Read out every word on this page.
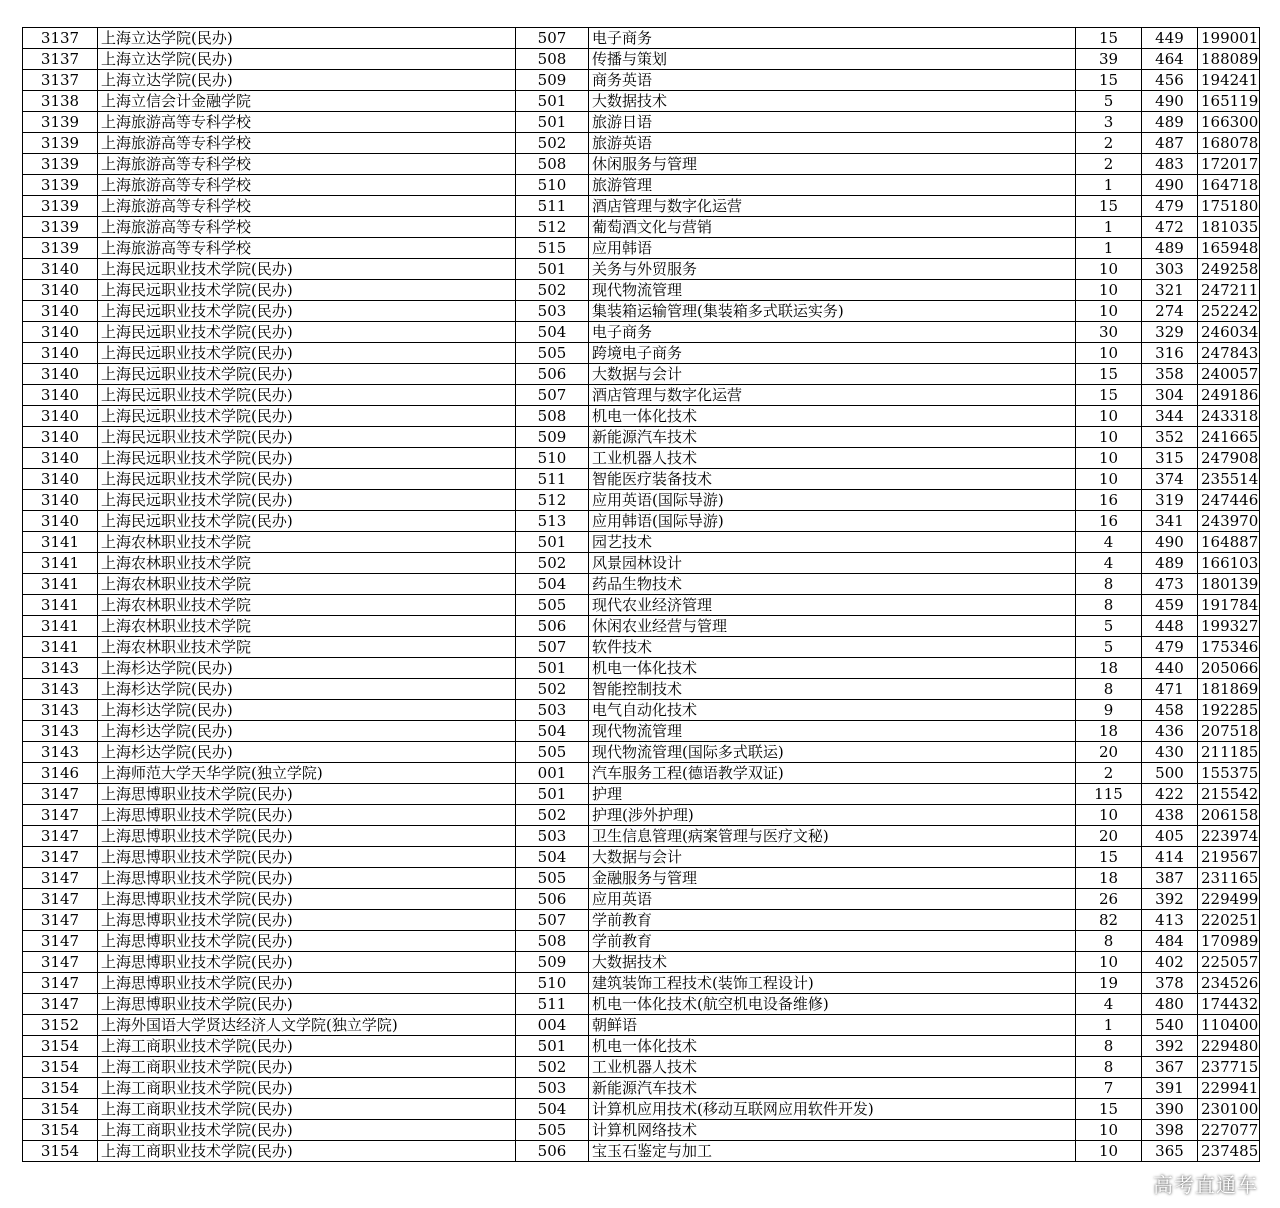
3137	上海立达学院(民办)	507	电子商务	15	449	199001
3137	上海立达学院(民办)	508	传播与策划	39	464	188089
3137	上海立达学院(民办)	509	商务英语	15	456	194241
3138	上海立信会计金融学院	501	大数据技术	5	490	165119
3139	上海旅游高等专科学校	501	旅游日语	3	489	166300
3139	上海旅游高等专科学校	502	旅游英语	2	487	168078
3139	上海旅游高等专科学校	508	休闲服务与管理	2	483	172017
3139	上海旅游高等专科学校	510	旅游管理	1	490	164718
3139	上海旅游高等专科学校	511	酒店管理与数字化运营	15	479	175180
3139	上海旅游高等专科学校	512	葡萄酒文化与营销	1	472	181035
3139	上海旅游高等专科学校	515	应用韩语	1	489	165948
3140	上海民远职业技术学院(民办)	501	关务与外贸服务	10	303	249258
3140	上海民远职业技术学院(民办)	502	现代物流管理	10	321	247211
3140	上海民远职业技术学院(民办)	503	集装箱运输管理(集装箱多式联运实务)	10	274	252242
3140	上海民远职业技术学院(民办)	504	电子商务	30	329	246034
3140	上海民远职业技术学院(民办)	505	跨境电子商务	10	316	247843
3140	上海民远职业技术学院(民办)	506	大数据与会计	15	358	240057
3140	上海民远职业技术学院(民办)	507	酒店管理与数字化运营	15	304	249186
3140	上海民远职业技术学院(民办)	508	机电一体化技术	10	344	243318
3140	上海民远职业技术学院(民办)	509	新能源汽车技术	10	352	241665
3140	上海民远职业技术学院(民办)	510	工业机器人技术	10	315	247908
3140	上海民远职业技术学院(民办)	511	智能医疗装备技术	10	374	235514
3140	上海民远职业技术学院(民办)	512	应用英语(国际导游)	16	319	247446
3140	上海民远职业技术学院(民办)	513	应用韩语(国际导游)	16	341	243970
3141	上海农林职业技术学院	501	园艺技术	4	490	164887
3141	上海农林职业技术学院	502	风景园林设计	4	489	166103
3141	上海农林职业技术学院	504	药品生物技术	8	473	180139
3141	上海农林职业技术学院	505	现代农业经济管理	8	459	191784
3141	上海农林职业技术学院	506	休闲农业经营与管理	5	448	199327
3141	上海农林职业技术学院	507	软件技术	5	479	175346
3143	上海杉达学院(民办)	501	机电一体化技术	18	440	205066
3143	上海杉达学院(民办)	502	智能控制技术	8	471	181869
3143	上海杉达学院(民办)	503	电气自动化技术	9	458	192285
3143	上海杉达学院(民办)	504	现代物流管理	18	436	207518
3143	上海杉达学院(民办)	505	现代物流管理(国际多式联运)	20	430	211185
3146	上海师范大学天华学院(独立学院)	001	汽车服务工程(德语教学双证)	2	500	155375
3147	上海思博职业技术学院(民办)	501	护理	115	422	215542
3147	上海思博职业技术学院(民办)	502	护理(涉外护理)	10	438	206158
3147	上海思博职业技术学院(民办)	503	卫生信息管理(病案管理与医疗文秘)	20	405	223974
3147	上海思博职业技术学院(民办)	504	大数据与会计	15	414	219567
3147	上海思博职业技术学院(民办)	505	金融服务与管理	18	387	231165
3147	上海思博职业技术学院(民办)	506	应用英语	26	392	229499
3147	上海思博职业技术学院(民办)	507	学前教育	82	413	220251
3147	上海思博职业技术学院(民办)	508	学前教育	8	484	170989
3147	上海思博职业技术学院(民办)	509	大数据技术	10	402	225057
3147	上海思博职业技术学院(民办)	510	建筑装饰工程技术(装饰工程设计)	19	378	234526
3147	上海思博职业技术学院(民办)	511	机电一体化技术(航空机电设备维修)	4	480	174432
3152	上海外国语大学贤达经济人文学院(独立学院)	004	朝鲜语	1	540	110400
3154	上海工商职业技术学院(民办)	501	机电一体化技术	8	392	229480
3154	上海工商职业技术学院(民办)	502	工业机器人技术	8	367	237715
3154	上海工商职业技术学院(民办)	503	新能源汽车技术	7	391	229941
3154	上海工商职业技术学院(民办)	504	计算机应用技术(移动互联网应用软件开发)	15	390	230100
3154	上海工商职业技术学院(民办)	505	计算机网络技术	10	398	227077
3154	上海工商职业技术学院(民办)	506	宝玉石鉴定与加工	10	365	237485
高考直通车
